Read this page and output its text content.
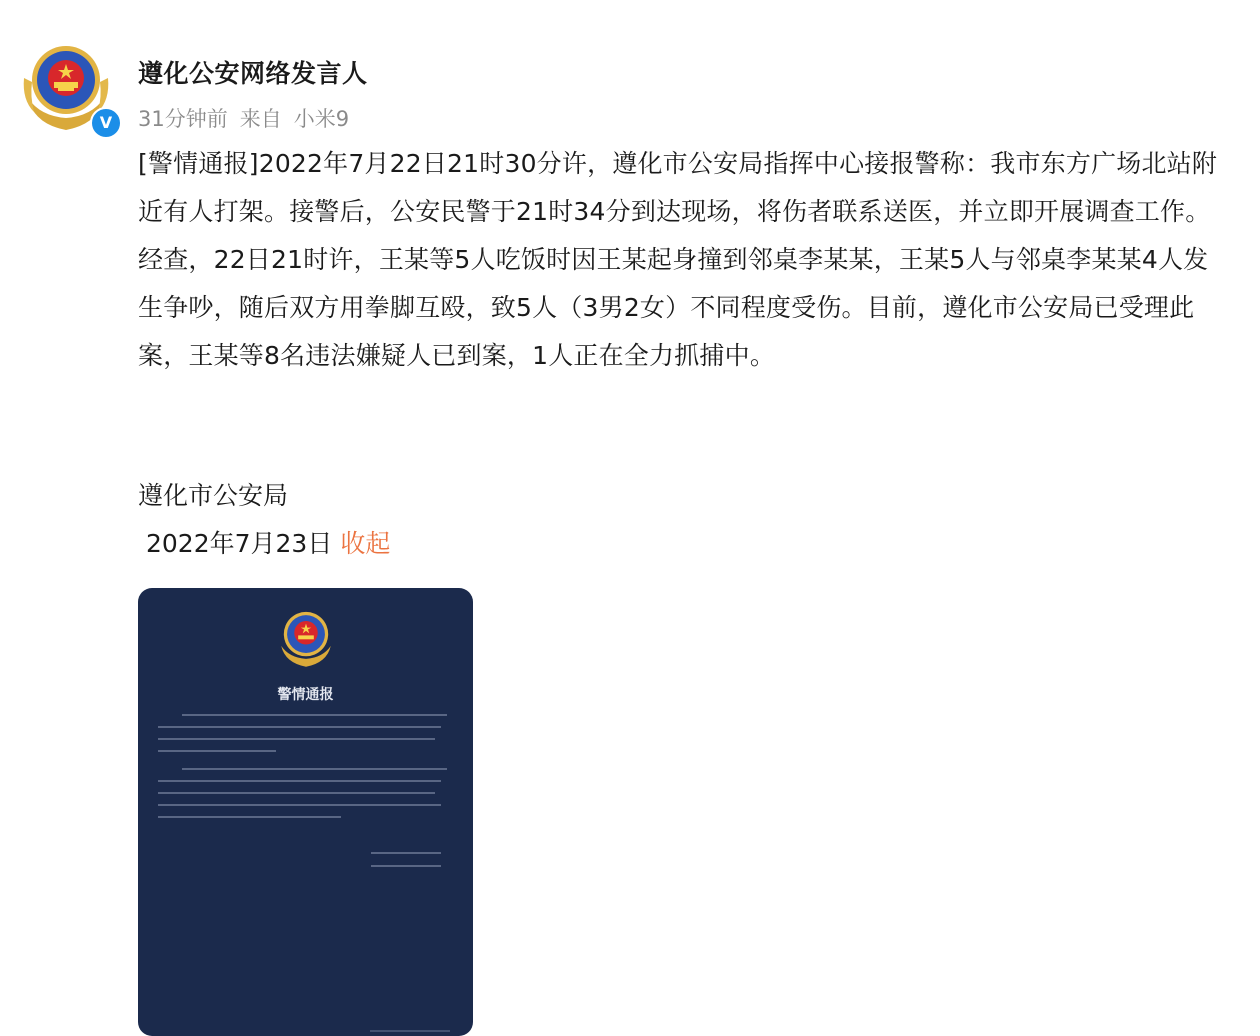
V
遵化公安网络发言人
31分钟前 来自 小米9

[警情通报]2022年7月22日21时30分许，遵化市公安局指挥中心接报警称：我市东方广场北站附近有人打架。接警后，公安民警于21时34分到达现场，将伤者联系送医，并立即开展调查工作。

经查，22日21时许，王某等5人吃饭时因王某起身撞到邻桌李某某，王某5人与邻桌李某某4人发生争吵，随后双方用拳脚互殴，致5人（3男2女）不同程度受伤。目前，遵化市公安局已受理此案，王某等8名违法嫌疑人已到案，1人正在全力抓捕中。

遵化市公安局
2022年7月23日 收起
警情通报
